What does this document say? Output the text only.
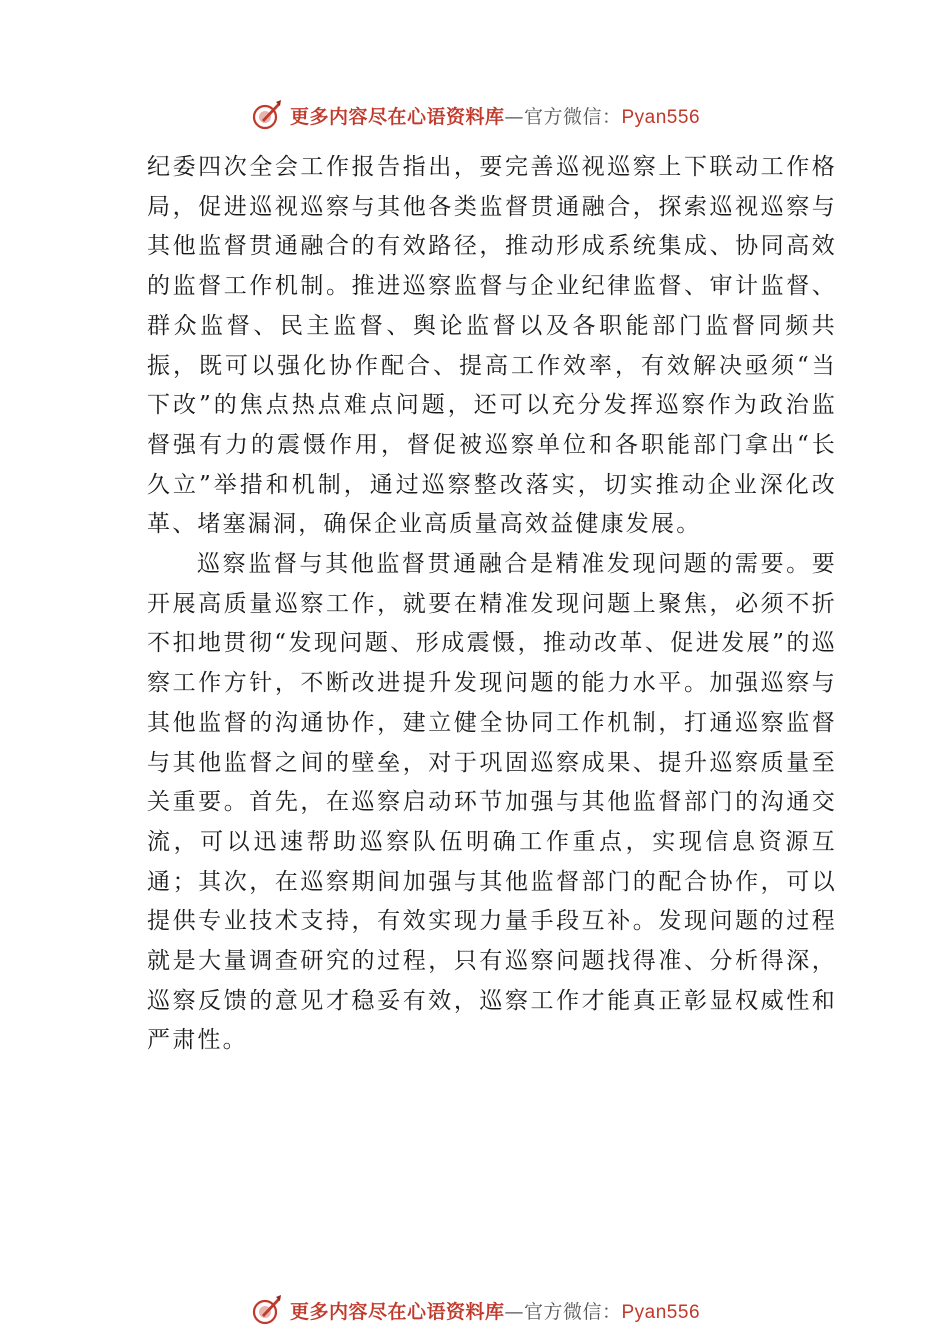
更多内容尽在心语资料库—官方微信：Pyan556

纪委四次全会工作报告指出，要完善巡视巡察上下联动工作格局，促进巡视巡察与其他各类监督贯通融合，探索巡视巡察与其他监督贯通融合的有效路径，推动形成系统集成、协同高效的监督工作机制。推进巡察监督与企业纪律监督、审计监督、群众监督、民主监督、舆论监督以及各职能部门监督同频共振，既可以强化协作配合、提高工作效率，有效解决亟须“当下改”的焦点热点难点问题，还可以充分发挥巡察作为政治监督强有力的震慑作用，督促被巡察单位和各职能部门拿出“长久立”举措和机制，通过巡察整改落实，切实推动企业深化改革、堵塞漏洞，确保企业高质量高效益健康发展。

巡察监督与其他监督贯通融合是精准发现问题的需要。要开展高质量巡察工作，就要在精准发现问题上聚焦，必须不折不扣地贯彻“发现问题、形成震慑，推动改革、促进发展”的巡察工作方针，不断改进提升发现问题的能力水平。加强巡察与其他监督的沟通协作，建立健全协同工作机制，打通巡察监督与其他监督之间的壁垒，对于巩固巡察成果、提升巡察质量至关重要。首先，在巡察启动环节加强与其他监督部门的沟通交流，可以迅速帮助巡察队伍明确工作重点，实现信息资源互通；其次，在巡察期间加强与其他监督部门的配合协作，可以提供专业技术支持，有效实现力量手段互补。发现问题的过程就是大量调查研究的过程，只有巡察问题找得准、分析得深，巡察反馈的意见才稳妥有效，巡察工作才能真正彰显权威性和严肃性。

更多内容尽在心语资料库—官方微信：Pyan556
